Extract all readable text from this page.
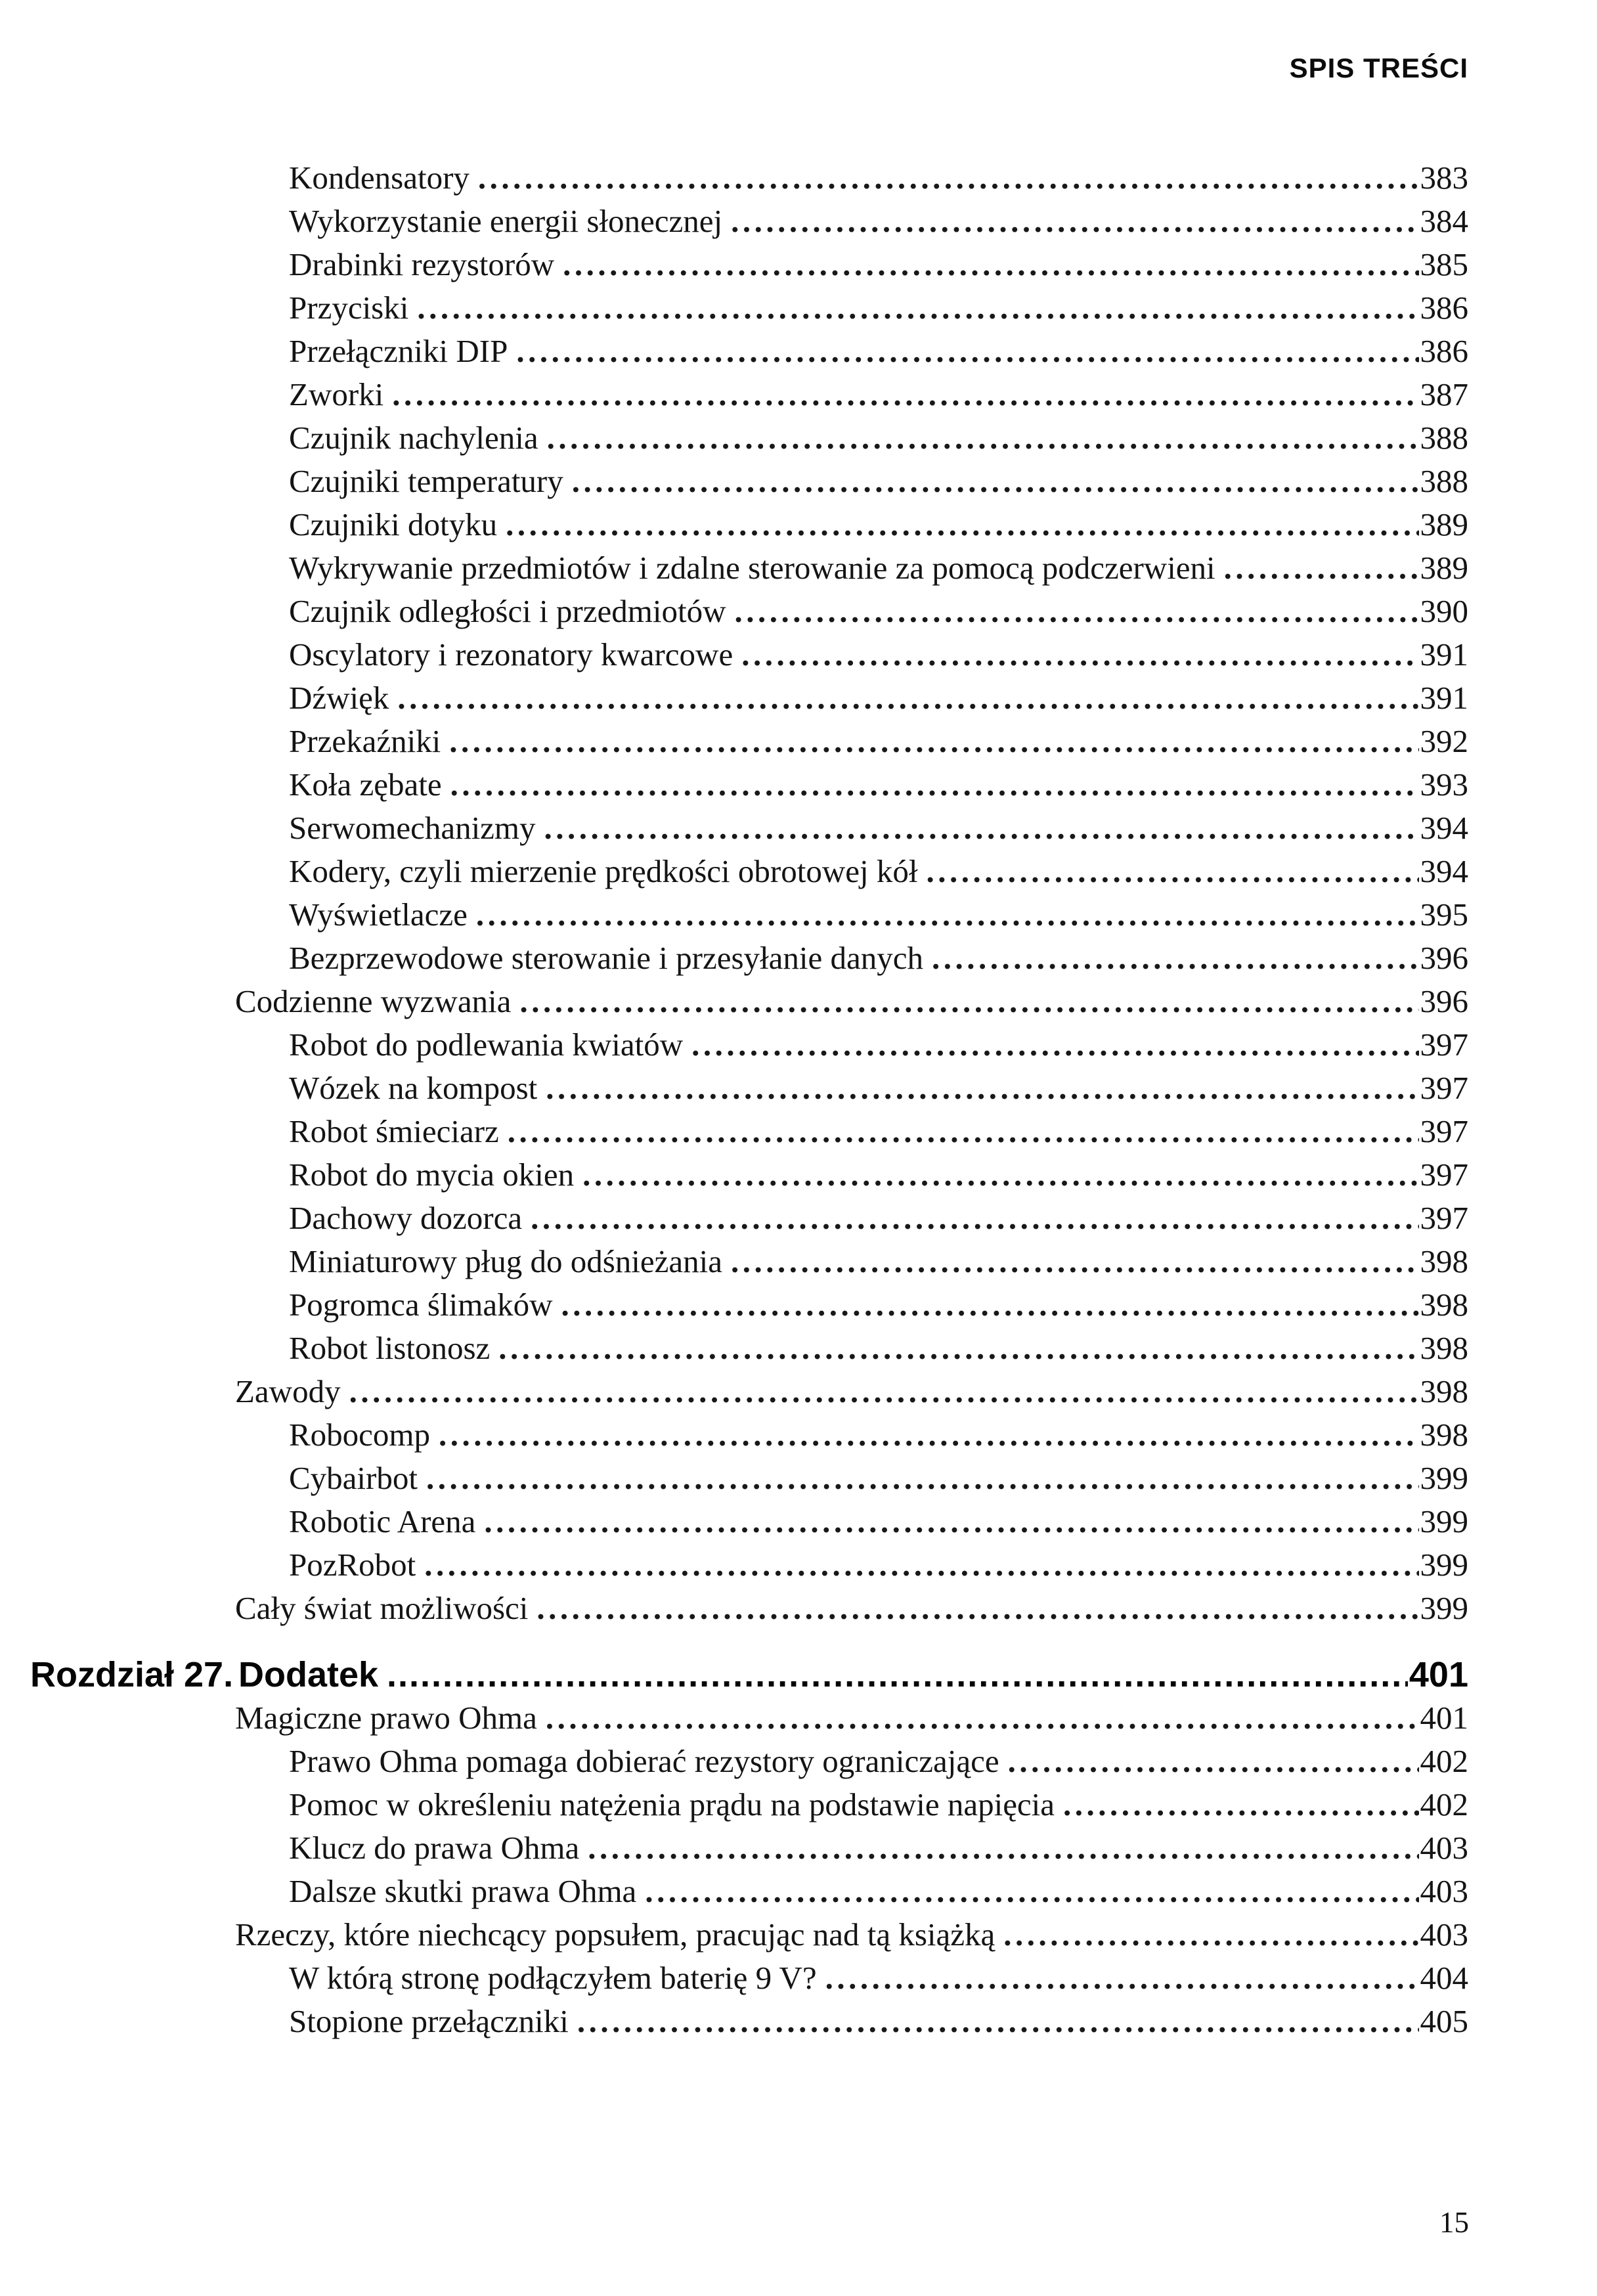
SPIS TREŚCI
Kondensatory .....	383
Wykorzystanie energii słonecznej .....	384
Drabinki rezystorów .....	385
Przyciski .....	386
Przełączniki DIP .....	386
Zworki .....	387
Czujnik nachylenia .....	388
Czujniki temperatury .....	388
Czujniki dotyku .....	389
Wykrywanie przedmiotów i zdalne sterowanie za pomocą podczerwieni .....	389
Czujnik odległości i przedmiotów .....	390
Oscylatory i rezonatory kwarcowe .....	391
Dźwięk .....	391
Przekaźniki .....	392
Koła zębate .....	393
Serwomechanizmy .....	394
Kodery, czyli mierzenie prędkości obrotowej kół .....	394
Wyświetlacze .....	395
Bezprzewodowe sterowanie i przesyłanie danych .....	396
Codzienne wyzwania .....	396
Robot do podlewania kwiatów .....	397
Wózek na kompost .....	397
Robot śmieciarz .....	397
Robot do mycia okien .....	397
Dachowy dozorca .....	397
Miniaturowy pług do odśnieżania .....	398
Pogromca ślimaków .....	398
Robot listonosz .....	398
Zawody .....	398
Robocomp .....	398
Cybairbot .....	399
Robotic Arena .....	399
PozRobot .....	399
Cały świat możliwości .....	399
Rozdział 27. Dodatek .....	401
Magiczne prawo Ohma .....	401
Prawo Ohma pomaga dobierać rezystory ograniczające .....	402
Pomoc w określeniu natężenia prądu na podstawie napięcia .....	402
Klucz do prawa Ohma .....	403
Dalsze skutki prawa Ohma .....	403
Rzeczy, które niechcący popsułem, pracując nad tą książką .....	403
W którą stronę podłączyłem baterię 9 V? .....	404
Stopione przełączniki .....	405
15
